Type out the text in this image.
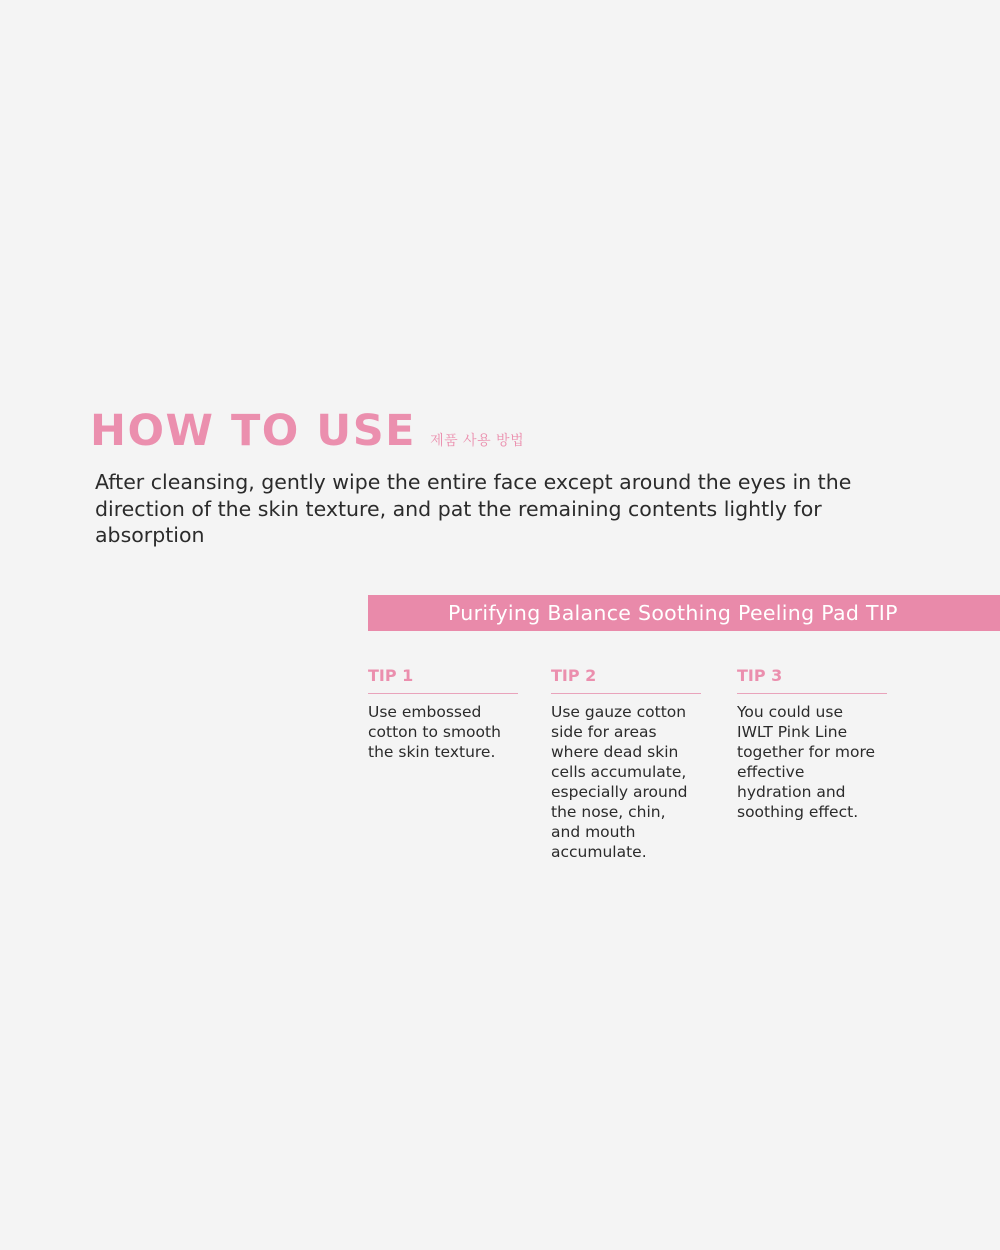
HOW TO USE 제품 사용 방법

After cleansing, gently wipe the entire face except around the eyes in the direction of the skin texture, and pat the remaining contents lightly for absorption

Purifying Balance Soothing Peeling Pad TIP
TIP 1
Use embossed
cotton to smooth
the skin texture.
TIP 2
Use gauze cotton
side for areas
where dead skin
cells accumulate,
especially around
the nose, chin,
and mouth
accumulate.
TIP 3
You could use
IWLT Pink Line
together for more
effective
hydration and
soothing effect.
